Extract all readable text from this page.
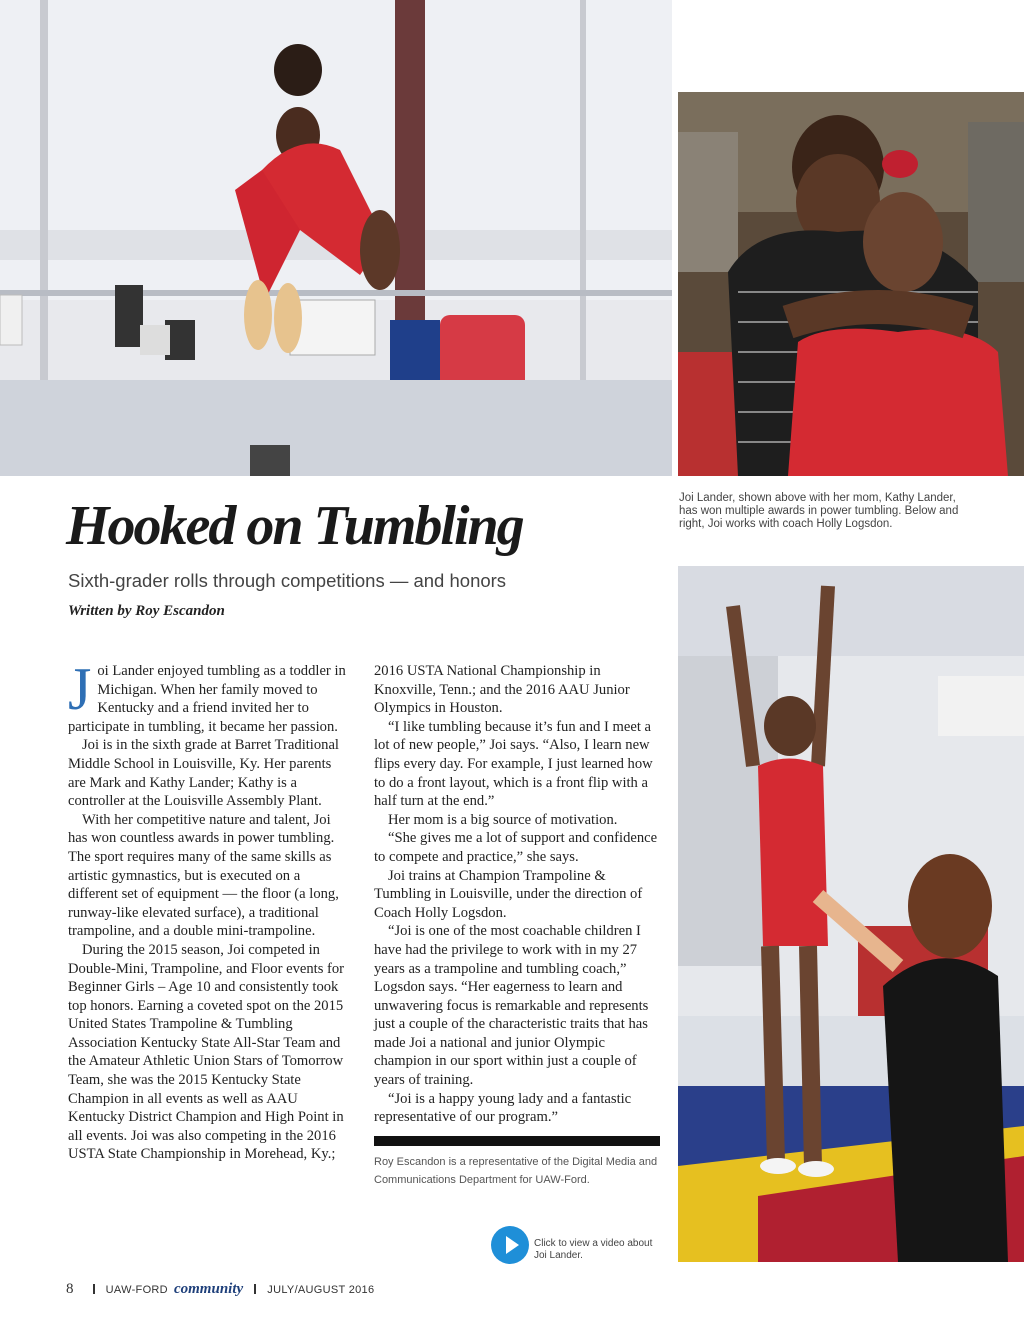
Joi Lander, shown above with her mom, Kathy Lander, has won multiple awards in power tumbling. Below and right, Joi works with coach Holly Logsdon.
Hooked on Tumbling
Sixth-grader rolls through competitions — and honors
Written by Roy Escandon

Joi Lander enjoyed tumbling as a toddler in Michigan. When her family moved to Kentucky and a friend invited her to participate in tumbling, it became her passion.

Joi is in the sixth grade at Barret Traditional Middle School in Louisville, Ky. Her parents are Mark and Kathy Lander; Kathy is a controller at the Louisville Assembly Plant.

With her competitive nature and talent, Joi has won countless awards in power tumbling. The sport requires many of the same skills as artistic gymnastics, but is executed on a different set of equipment — the floor (a long, runway-like elevated surface), a traditional trampoline, and a double mini-trampoline.

During the 2015 season, Joi competed in Double-Mini, Trampoline, and Floor events for Beginner Girls – Age 10 and consistently took top honors. Earning a coveted spot on the 2015 United States Trampoline & Tumbling Association Kentucky State All-Star Team and the Amateur Athletic Union Stars of Tomorrow Team, she was the 2015 Kentucky State Champion in all events as well as AAU Kentucky District Champion and High Point in all events. Joi was also competing in the 2016 USTA State Championship in Morehead, Ky.;

2016 USTA National Championship in Knoxville, Tenn.; and the 2016 AAU Junior Olympics in Houston.

“I like tumbling because it’s fun and I meet a lot of new people,” Joi says. “Also, I learn new flips every day. For example, I just learned how to do a front layout, which is a front flip with a half turn at the end.”

Her mom is a big source of motivation.

“She gives me a lot of support and confidence to compete and practice,” she says.

Joi trains at Champion Trampoline & Tumbling in Louisville, under the direction of Coach Holly Logsdon.

“Joi is one of the most coachable children I have had the privilege to work with in my 27 years as a trampoline and tumbling coach,” Logsdon says. “Her eagerness to learn and unwavering focus is remarkable and represents just a couple of the characteristic traits that has made Joi a national and junior Olympic champion in our sport within just a couple of years of training.

“Joi is a happy young lady and a fantastic representative of our program.”

Roy Escandon is a representative of the Digital Media and Communications Department for UAW-Ford.
Click to view a video about Joi Lander.
8	UAW-FORD community JULY/AUGUST 2016
